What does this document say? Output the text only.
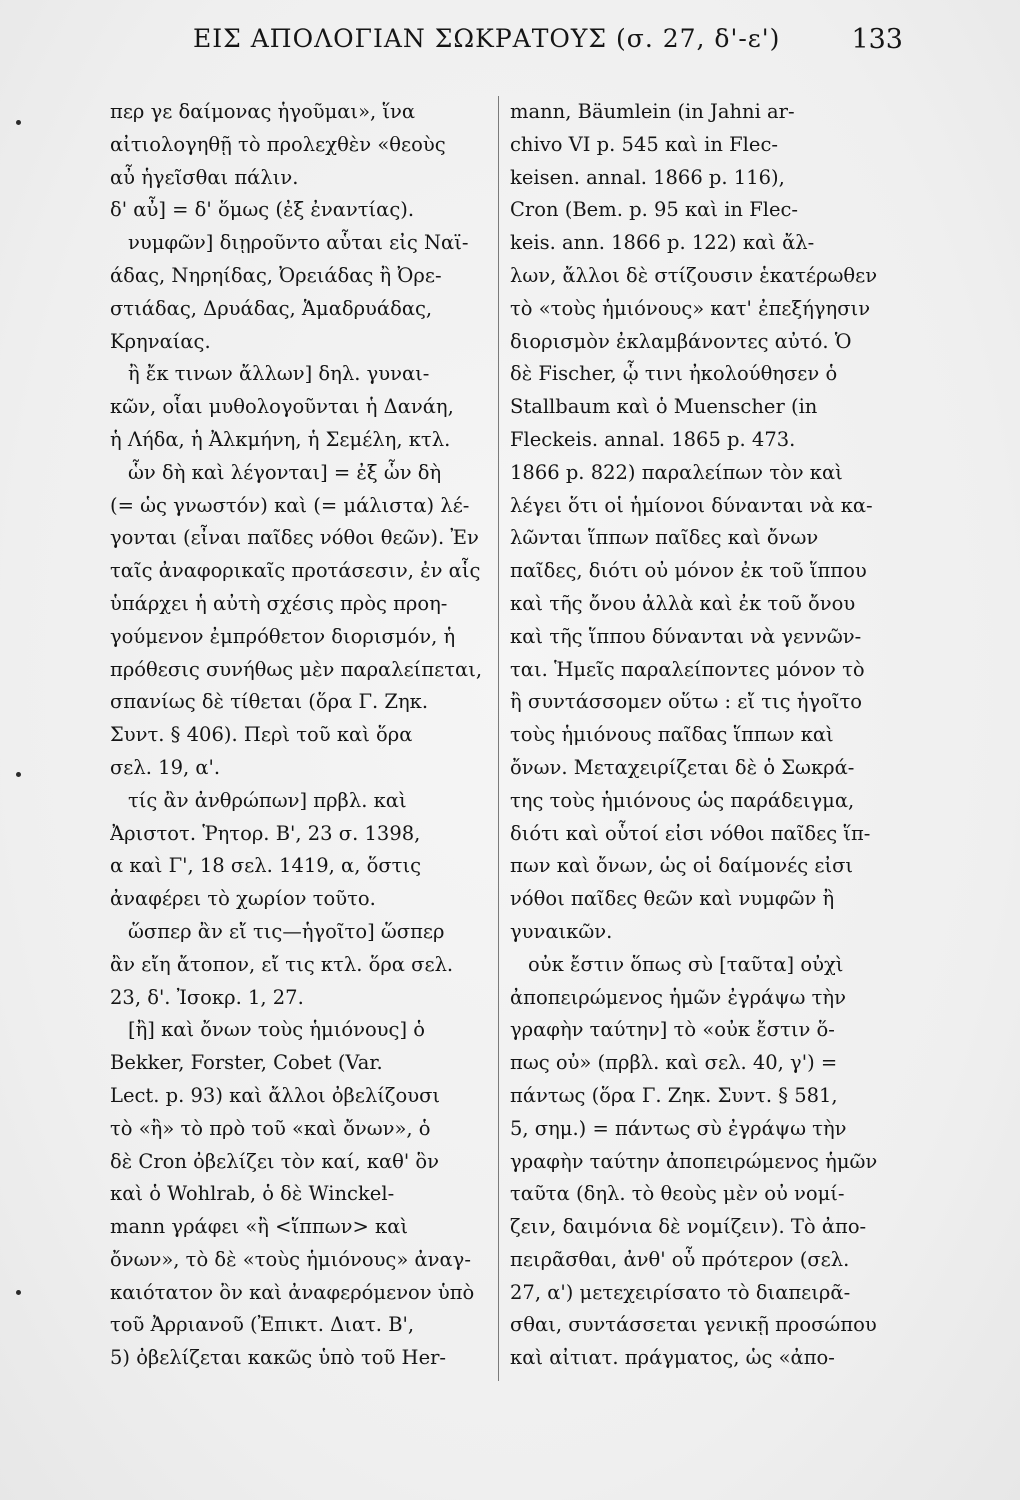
ΕΙΣ ΑΠΟΛΟΓΙΑΝ ΣΩΚΡΑΤΟΥΣ (σ. 27, δ'-ε')	133
περ γε δαίμονας ἡγοῦμαι», ἵνα
αἰτιολογηθῇ τὸ προλεχθὲν «θεοὺς
αὖ ἡγεῖσθαι πάλιν.
δ' αὖ] = δ' ὅμως (ἐξ ἐναντίας).
νυμφῶν] διῃροῦντο αὗται εἰς Ναϊ-
άδας, Νηρηίδας, Ὀρειάδας ἢ Ὀρε-
στιάδας, Δρυάδας, Ἁμαδρυάδας,
Κρηναίας.
ἢ ἔκ τινων ἄλλων] δηλ. γυναι-
κῶν, οἷαι μυθολογοῦνται ἡ Δανάη,
ἡ Λήδα, ἡ Ἀλκμήνη, ἡ Σεμέλη, κτλ.
ὧν δὴ καὶ λέγονται] = ἐξ ὧν δὴ
(= ὡς γνωστόν) καὶ (= μάλιστα) λέ-
γονται (εἶναι παῖδες νόθοι θεῶν). Ἐν
ταῖς ἀναφορικαῖς προτάσεσιν, ἐν αἷς
ὑπάρχει ἡ αὐτὴ σχέσις πρὸς προη-
γούμενον ἐμπρόθετον διορισμόν, ἡ
πρόθεσις συνήθως μὲν παραλείπεται,
σπανίως δὲ τίθεται (ὅρα Γ. Ζηκ.
Συντ. § 406). Περὶ τοῦ καὶ ὅρα
σελ. 19, α'.
τίς ἂν ἀνθρώπων] πρβλ. καὶ
Ἀριστοτ. Ῥητορ. Β', 23 σ. 1398,
α καὶ Γ', 18 σελ. 1419, α, ὅστις
ἀναφέρει τὸ χωρίον τοῦτο.
ὥσπερ ἂν εἴ τις—ἡγοῖτο] ὥσπερ
ἂν εἴη ἄτοπον, εἴ τις κτλ. ὅρα σελ.
23, δ'. Ἰσοκρ. 1, 27.
[ἢ] καὶ ὄνων τοὺς ἡμιόνους] ὁ
Bekker, Forster, Cobet (Var.
Lect. p. 93) καὶ ἄλλοι ὀβελίζουσι
τὸ «ἢ» τὸ πρὸ τοῦ «καὶ ὄνων», ὁ
δὲ Cron ὀβελίζει τὸν καί, καθ' ὃν
καὶ ὁ Wohlrab, ὁ δὲ Winckel-
mann γράφει «ἢ <ἵππων> καὶ
ὄνων», τὸ δὲ «τοὺς ἡμιόνους» ἀναγ-
καιότατον ὂν καὶ ἀναφερόμενον ὑπὸ
τοῦ Ἀρριανοῦ (Ἐπικτ. Διατ. Β',
5) ὀβελίζεται κακῶς ὑπὸ τοῦ Her-
mann, Bäumlein (in Jahni ar-
chivo VI p. 545 καὶ in Flec-
keisen. annal. 1866 p. 116),
Cron (Bem. p. 95 καὶ in Flec-
keis. ann. 1866 p. 122) καὶ ἄλ-
λων, ἄλλοι δὲ στίζουσιν ἑκατέρωθεν
τὸ «τοὺς ἡμιόνους» κατ' ἐπεξήγησιν
διορισμὸν ἐκλαμβάνοντες αὐτό. Ὁ
δὲ Fischer, ᾧ τινι ἠκολούθησεν ὁ
Stallbaum καὶ ὁ Muenscher (in
Fleckeis. annal. 1865 p. 473.
1866 p. 822) παραλείπων τὸν καὶ
λέγει ὅτι οἱ ἡμίονοι δύνανται νὰ κα-
λῶνται ἵππων παῖδες καὶ ὄνων
παῖδες, διότι οὐ μόνον ἐκ τοῦ ἵππου
καὶ τῆς ὄνου ἀλλὰ καὶ ἐκ τοῦ ὄνου
καὶ τῆς ἵππου δύνανται νὰ γεννῶν-
ται. Ἡμεῖς παραλείποντες μόνον τὸ
ἢ συντάσσομεν οὕτω : εἴ τις ἡγοῖτο
τοὺς ἡμιόνους παῖδας ἵππων καὶ
ὄνων. Μεταχειρίζεται δὲ ὁ Σωκρά-
της τοὺς ἡμιόνους ὡς παράδειγμα,
διότι καὶ οὗτοί εἰσι νόθοι παῖδες ἵπ-
πων καὶ ὄνων, ὡς οἱ δαίμονές εἰσι
νόθοι παῖδες θεῶν καὶ νυμφῶν ἢ
γυναικῶν.
οὐκ ἔστιν ὅπως σὺ [ταῦτα] οὐχὶ
ἀποπειρώμενος ἡμῶν ἐγράψω τὴν
γραφὴν ταύτην] τὸ «οὐκ ἔστιν ὅ-
πως οὐ» (πρβλ. καὶ σελ. 40, γ') =
πάντως (ὅρα Γ. Ζηκ. Συντ. § 581,
5, σημ.) = πάντως σὺ ἐγράψω τὴν
γραφὴν ταύτην ἀποπειρώμενος ἡμῶν
ταῦτα (δηλ. τὸ θεοὺς μὲν οὐ νομί-
ζειν, δαιμόνια δὲ νομίζειν). Τὸ ἀπο-
πειρᾶσθαι, ἀνθ' οὗ πρότερον (σελ.
27, α') μετεχειρίσατο τὸ διαπειρᾶ-
σθαι, συντάσσεται γενικῇ προσώπου
καὶ αἰτιατ. πράγματος, ὡς «ἀπο-
